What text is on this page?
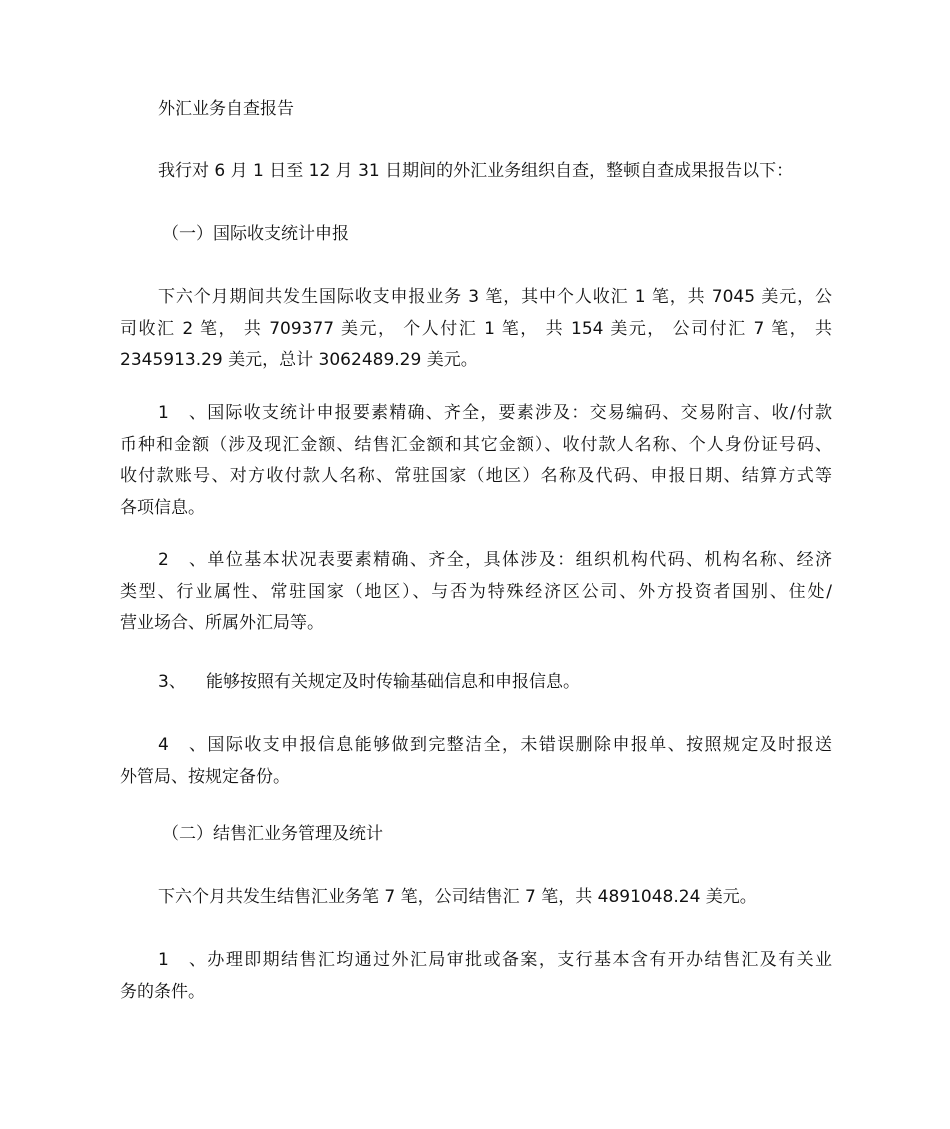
外汇业务自查报告
我行对 6 月 1 日至 12 月 31 日期间的外汇业务组织自查，整顿自查成果报告以下：
（一）国际收支统计申报
下六个月期间共发生国际收支申报业务 3 笔，其中个人收汇 1 笔，共 7045 美元，公
司收汇 2 笔， 共 709377 美元， 个人付汇 1 笔， 共 154 美元， 公司付汇 7 笔， 共
2345913.29 美元，总计 3062489.29 美元。
1、国际收支统计申报要素精确、齐全，要素涉及：交易编码、交易附言、收/付款
币种和金额（涉及现汇金额、结售汇金额和其它金额）、收付款人名称、个人身份证号码、
收付款账号、对方收付款人名称、常驻国家（地区）名称及代码、申报日期、结算方式等
各项信息。
2、单位基本状况表要素精确、齐全，具体涉及：组织机构代码、机构名称、经济
类型、行业属性、常驻国家（地区）、与否为特殊经济区公司、外方投资者国别、住处/
营业场合、所属外汇局等。
3、 能够按照有关规定及时传输基础信息和申报信息。
4、国际收支申报信息能够做到完整洁全，未错误删除申报单、按照规定及时报送
外管局、按规定备份。
（二）结售汇业务管理及统计
下六个月共发生结售汇业务笔 7 笔，公司结售汇 7 笔，共 4891048.24 美元。
1、办理即期结售汇均通过外汇局审批或备案，支行基本含有开办结售汇及有关业
务的条件。
